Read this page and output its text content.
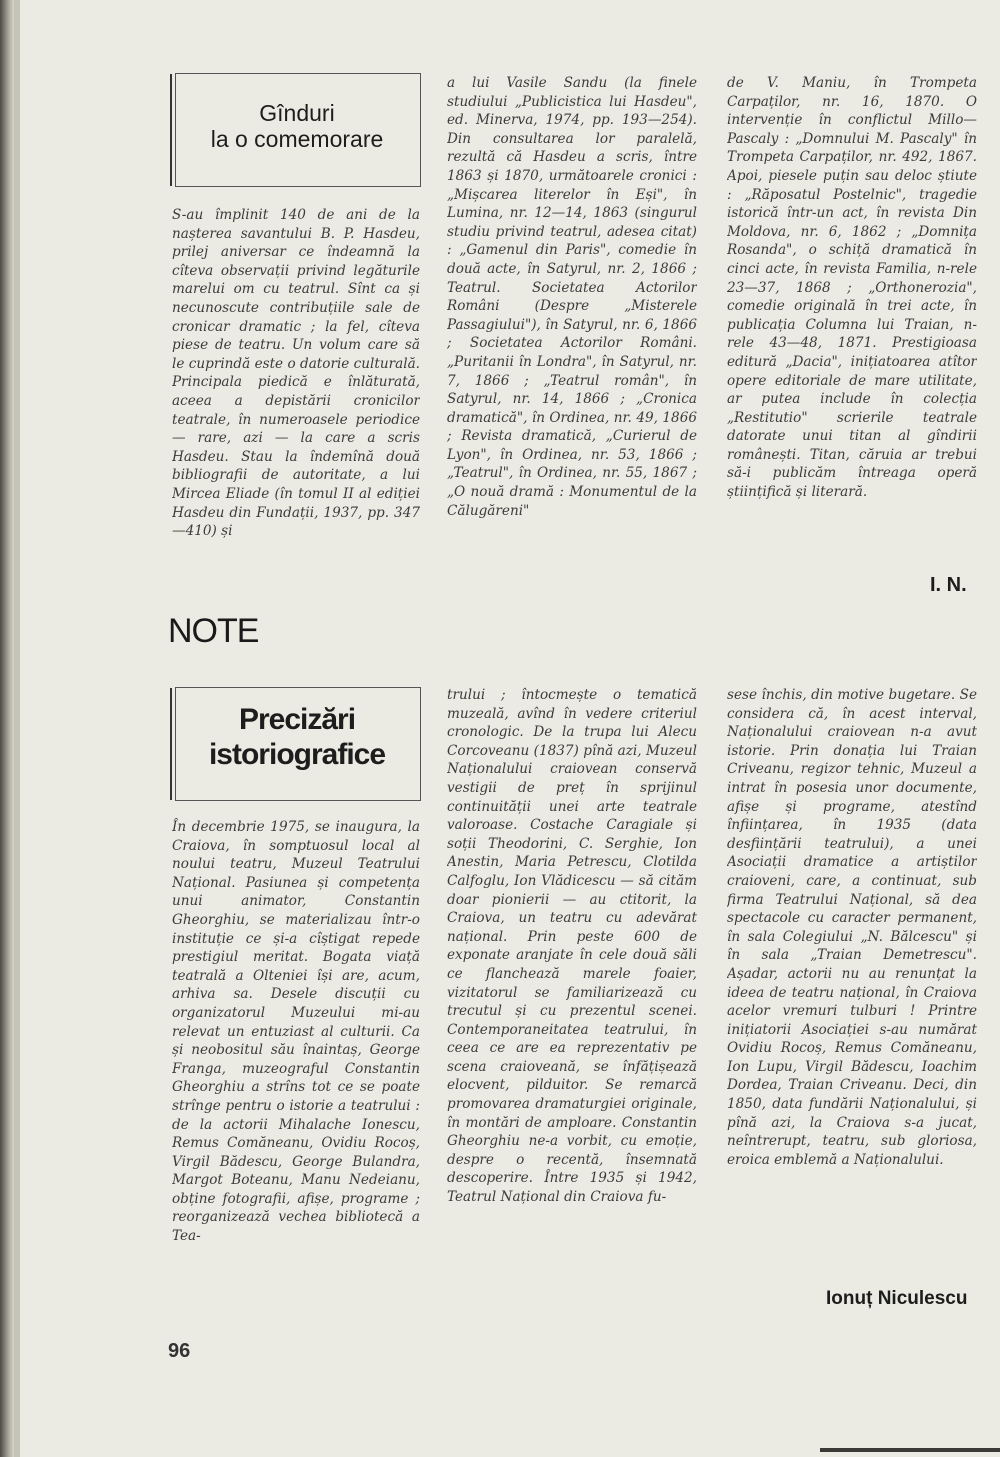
Gînduri
la o comemorare

S-au împlinit 140 de ani de la nașterea savantului B. P. Hasdeu, prilej aniversar ce îndeamnă la cîteva observații privind legăturile marelui om cu teatrul. Sînt ca și necunoscute contribuțiile sale de cronicar dramatic ; la fel, cîteva piese de teatru. Un volum care să le cuprindă este o datorie culturală. Principala piedică e înlăturată, aceea a depistării cronicilor teatrale, în numeroasele periodice — rare, azi — la care a scris Hasdeu. Stau la îndemînă două bibliografii de autoritate, a lui Mircea Eliade (în tomul II al ediției Hasdeu din Fundații, 1937, pp. 347—410) și

a lui Vasile Sandu (la finele studiului „Publicistica lui Hasdeu", ed. Minerva, 1974, pp. 193—254). Din consultarea lor paralelă, rezultă că Hasdeu a scris, între 1863 și 1870, următoarele cronici : „Mișcarea literelor în Eși", în Lumina, nr. 12—14, 1863 (singurul studiu privind teatrul, adesea citat) : „Gamenul din Paris", comedie în două acte, în Satyrul, nr. 2, 1866 ; Teatrul. Societatea Actorilor Români (Despre „Misterele Passagiului"), în Satyrul, nr. 6, 1866 ; Societatea Actorilor Români. „Puritanii în Londra", în Satyrul, nr. 7, 1866 ; „Teatrul român", în Satyrul, nr. 14, 1866 ; „Cronica dramatică", în Ordinea, nr. 49, 1866 ; Revista dramatică, „Curierul de Lyon", în Ordinea, nr. 53, 1866 ; „Teatrul", în Ordinea, nr. 55, 1867 ; „O nouă dramă : Monumentul de la Călugăreni"

de V. Maniu, în Trompeta Carpaților, nr. 16, 1870. O intervenție în conflictul Millo—Pascaly : „Domnului M. Pascaly" în Trompeta Carpaților, nr. 492, 1867. Apoi, piesele puțin sau deloc știute : „Răposatul Postelnic", tragedie istorică într-un act, în revista Din Moldova, nr. 6, 1862 ; „Domnița Rosanda", o schiță dramatică în cinci acte, în revista Familia, n-rele 23—37, 1868 ; „Orthonerozia", comedie originală în trei acte, în publicația Columna lui Traian, n-rele 43—48, 1871. Prestigioasa editură „Dacia", inițiatoarea atîtor opere editoriale de mare utilitate, ar putea include în colecția „Restitutio" scrierile teatrale datorate unui titan al gîndirii românești. Titan, căruia ar trebui să-i publicăm întreaga operă științifică și literară.

I. N.
NOTE
Precizări
istoriografice

În decembrie 1975, se inaugura, la Craiova, în somptuosul local al noului teatru, Muzeul Teatrului Național. Pasiunea și competența unui animator, Constantin Gheorghiu, se materializau într-o instituție ce și-a cîștigat repede prestigiul meritat. Bogata viață teatrală a Olteniei își are, acum, arhiva sa. Desele discuții cu organizatorul Muzeului mi-au relevat un entuziast al culturii. Ca și neobositul său înaintaș, George Franga, muzeograful Constantin Gheorghiu a strîns tot ce se poate strînge pentru o istorie a teatrului : de la actorii Mihalache Ionescu, Remus Comăneanu, Ovidiu Rocoș, Virgil Bădescu, George Bulandra, Margot Boteanu, Manu Nedeianu, obține fotografii, afișe, programe ; reorganizează vechea bibliotecă a Tea-

trului ; întocmește o tematică muzeală, avînd în vedere criteriul cronologic. De la trupa lui Alecu Corcoveanu (1837) pînă azi, Muzeul Naționalului craiovean conservă vestigii de preț în sprijinul continuității unei arte teatrale valoroase. Costache Caragiale și soții Theodorini, C. Serghie, Ion Anestin, Maria Petrescu, Clotilda Calfoglu, Ion Vlădicescu — să cităm doar pionierii — au ctitorit, la Craiova, un teatru cu adevărat național. Prin peste 600 de exponate aranjate în cele două săli ce flanchează marele foaier, vizitatorul se familiarizează cu trecutul și cu prezentul scenei. Contemporaneitatea teatrului, în ceea ce are ea reprezentativ pe scena craioveană, se înfățișează elocvent, pilduitor. Se remarcă promovarea dramaturgiei originale, în montări de amploare. Constantin Gheorghiu ne-a vorbit, cu emoție, despre o recentă, însemnată descoperire. Între 1935 și 1942, Teatrul Național din Craiova fu-

sese închis, din motive bugetare. Se considera că, în acest interval, Naționalului craiovean n-a avut istorie. Prin donația lui Traian Criveanu, regizor tehnic, Muzeul a intrat în posesia unor documente, afișe și programe, atestînd înființarea, în 1935 (data desființării teatrului), a unei Asociații dramatice a artiștilor craioveni, care, a continuat, sub firma Teatrului Național, să dea spectacole cu caracter permanent, în sala Colegiului „N. Bălcescu" și în sala „Traian Demetrescu". Așadar, actorii nu au renunțat la ideea de teatru național, în Craiova acelor vremuri tulburi ! Printre inițiatorii Asociației s-au numărat Ovidiu Rocoș, Remus Comăneanu, Ion Lupu, Virgil Bădescu, Ioachim Dordea, Traian Criveanu. Deci, din 1850, data fundării Naționalului, și pînă azi, la Craiova s-a jucat, neîntrerupt, teatru, sub gloriosa, eroica emblemă a Naționalului.

Ionuț Niculescu
96
